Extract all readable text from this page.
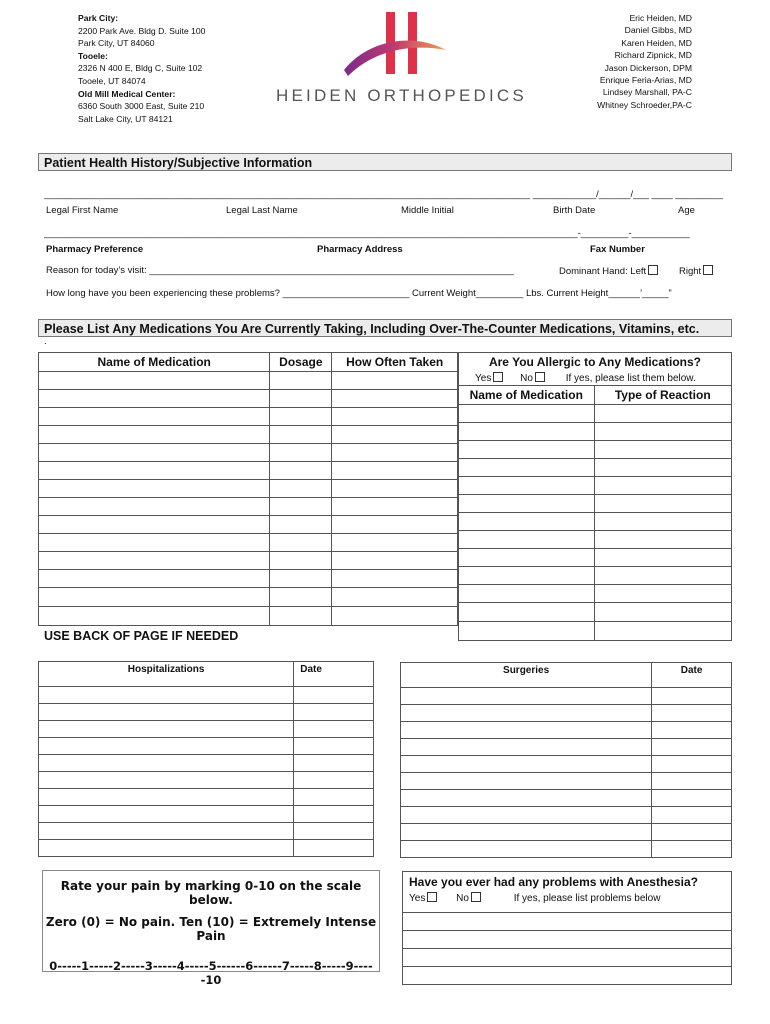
Park City:
2200 Park Ave. Bldg D. Suite 100
Park City, UT 84060
Tooele:
2326 N 400 E, Bldg C, Suite 102
Tooele, UT 84074
Old Mill Medical Center:
6360 South 3000 East, Suite 210
Salt Lake City, UT 84121
HEIDEN ORTHOPEDICS
Eric Heiden, MD
Daniel Gibbs, MD
Karen Heiden, MD
Richard Zipnick, MD
Jason Dickerson, DPM
Enrique Feria-Arias, MD
Lindsey Marshall, PA-C
Whitney Schroeder,PA-C
Patient Health History/Subjective Information
____________________________________________________________________________________________ ____________/______/___ ____ _________
Legal First Name	Legal Last Name	Middle Initial	Birth Date	Age
_____________________________________________________________________________________________________-_________-___________
Pharmacy Preference	Pharmacy Address	Fax Number
Reason for today’s visit: _____________________________________________________________________	Dominant Hand: Left	Right
How long have you been experiencing these problems? ________________________ Current Weight_________ Lbs. Current Height______’_____”
Please List Any Medications You Are Currently Taking, Including Over-The-Counter Medications, Vitamins, etc.
.
Name of Medication	Dosage	How Often Taken

			Are You Allergic to Any Medications?	
Yes No If yes, please list them below.	
Name of Medication	Type of Reaction

USE BACK OF PAGE IF NEEDED
Hospitalizations	Date

		Surgeries	Date

Rate your pain by marking 0-10 on the scale below.
Zero (0) = No pain. Ten (10) = Extremely Intense Pain
0-----1-----2-----3-----4-----5------6------7-----8-----9-----10
Have you ever had any problems with Anesthesia?
Yes	No	If yes, please list problems below
